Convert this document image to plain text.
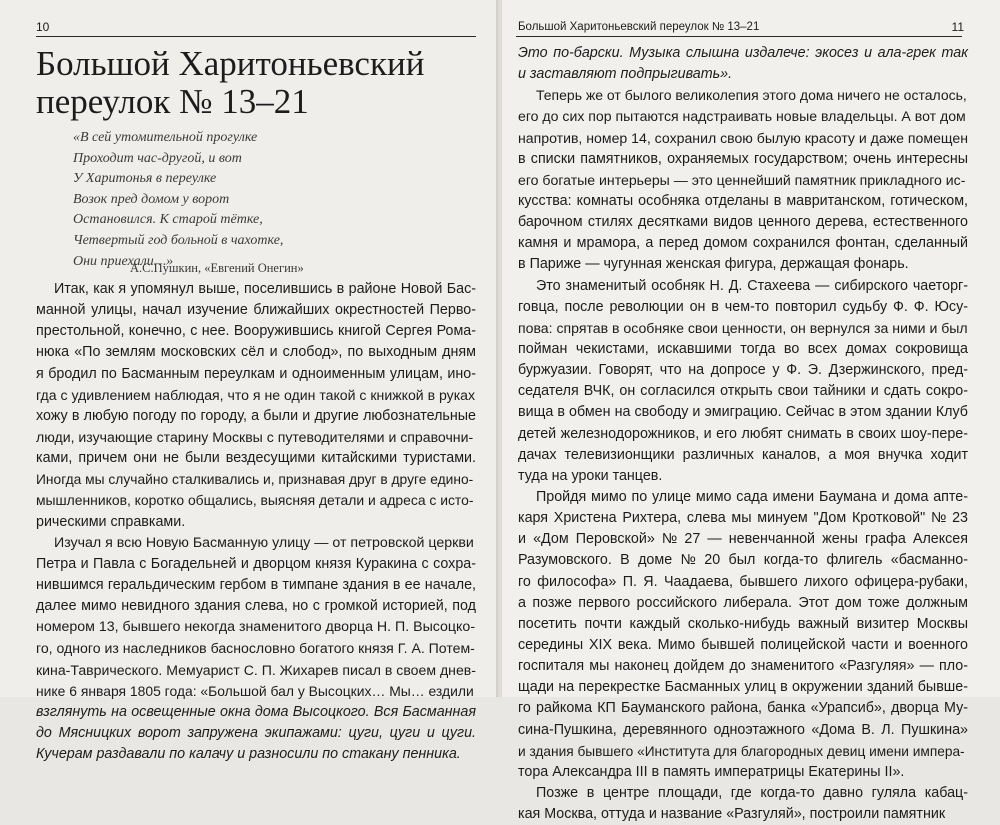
10
Большой Харитоньевский переулок № 13–21
«В сей утомительной прогулке
Проходит час-другой, и вот
У Харитонья в переулке
Возок пред домом у ворот
Остановился. К старой тётке,
Четвертый год больной в чахотке,
Они приехали…»
А.С.Пушкин, «Евгений Онегин»
Итак, как я упомянул выше, поселившись в районе Новой Бас-
манной улицы, начал изучение ближайших окрестностей Перво-
престольной, конечно, с нее. Вооружившись книгой Сергея Рома-
нюка «По землям московских сёл и слобод», по выходным дням
я бродил по Басманным переулкам и одноименным улицам, ино-
гда с удивлением наблюдая, что я не один такой с книжкой в руках
хожу в любую погоду по городу, а были и другие любознательные
люди, изучающие старину Москвы с путеводителями и справочни-
ками, причем они не были вездесущими китайскими туристами.
Иногда мы случайно сталкивались и, признавая друг в друге едино-
мышленников, коротко общались, выясняя детали и адреса с исто-
рическими справками.
Изучал я всю Новую Басманную улицу — от петровской церкви
Петра и Павла с Богадельней и дворцом князя Куракина с сохра-
нившимся геральдическим гербом в тимпане здания в ее начале,
далее мимо невидного здания слева, но с громкой историей, под
номером 13, бывшего некогда знаменитого дворца Н. П. Высоцко-
го, одного из наследников баснословно богатого князя Г. А. Потем-
кина-Таврического. Мемуарист С. П. Жихарев писал в своем днев-
нике 6 января 1805 года: «Большой бал у Высоцких… Мы… ездили
взглянуть на освещенные окна дома Высоцкого. Вся Басманная
до Мясницких ворот запружена экипажами: цуги, цуги и цуги.
Кучерам раздавали по калачу и разносили по стакану пенника.
Большой Харитоньевский переулок № 13–21	11
Это по-барски. Музыка слышна издалече: экосез и ала-грек так
и заставляют подпрыгивать».
Теперь же от былого великолепия этого дома ничего не осталось,
его до сих пор пытаются надстраивать новые владельцы. А вот дом
напротив, номер 14, сохранил свою былую красоту и даже помещен
в списки памятников, охраняемых государством; очень интересны
его богатые интерьеры — это ценнейший памятник прикладного ис-
кусства: комнаты особняка отделаны в мавританском, готическом,
барочном стилях десятками видов ценного дерева, естественного
камня и мрамора, а перед домом сохранился фонтан, сделанный
в Париже — чугунная женская фигура, держащая фонарь.
Это знаменитый особняк Н. Д. Стахеева — сибирского чаеторг-
говца, после революции он в чем-то повторил судьбу Ф. Ф. Юсу-
пова: спрятав в особняке свои ценности, он вернулся за ними и был
пойман чекистами, искавшими тогда во всех домах сокровища
буржуазии. Говорят, что на допросе у Ф. Э. Дзержинского, пред-
седателя ВЧК, он согласился открыть свои тайники и сдать сокро-
вища в обмен на свободу и эмиграцию. Сейчас в этом здании Клуб
детей железнодорожников, и его любят снимать в своих шоу-пере-
дачах телевизионщики различных каналов, а моя внучка ходит
туда на уроки танцев.
Пройдя мимо по улице мимо сада имени Баумана и дома апте-
каря Христена Рихтера, слева мы минуем "Дом Кротковой" № 23
и «Дом Перовской» № 27 — невенчанной жены графа Алексея
Разумовского. В доме № 20 был когда-то флигель «басманно-
го философа» П. Я. Чаадаева, бывшего лихого офицера-рубаки,
а позже первого российского либерала. Этот дом тоже должным
посетить почти каждый сколько-нибудь важный визитер Москвы
середины XIX века. Мимо бывшей полицейской части и военного
госпиталя мы наконец дойдем до знаменитого «Разгуляя» — пло-
щади на перекрестке Басманных улиц в окружении зданий бывше-
го райкома КП Бауманского района, банка «Урапсиб», дворца Му-
сина-Пушкина, деревянного одноэтажного «Дома В. Л. Пушкина»
и здания бывшего «Института для благородных девиц имени импера-
тора Александра III в память императрицы Екатерины II».
Позже в центре площади, где когда-то давно гуляла кабац-
кая Москва, оттуда и название «Разгуляй», построили памятник
